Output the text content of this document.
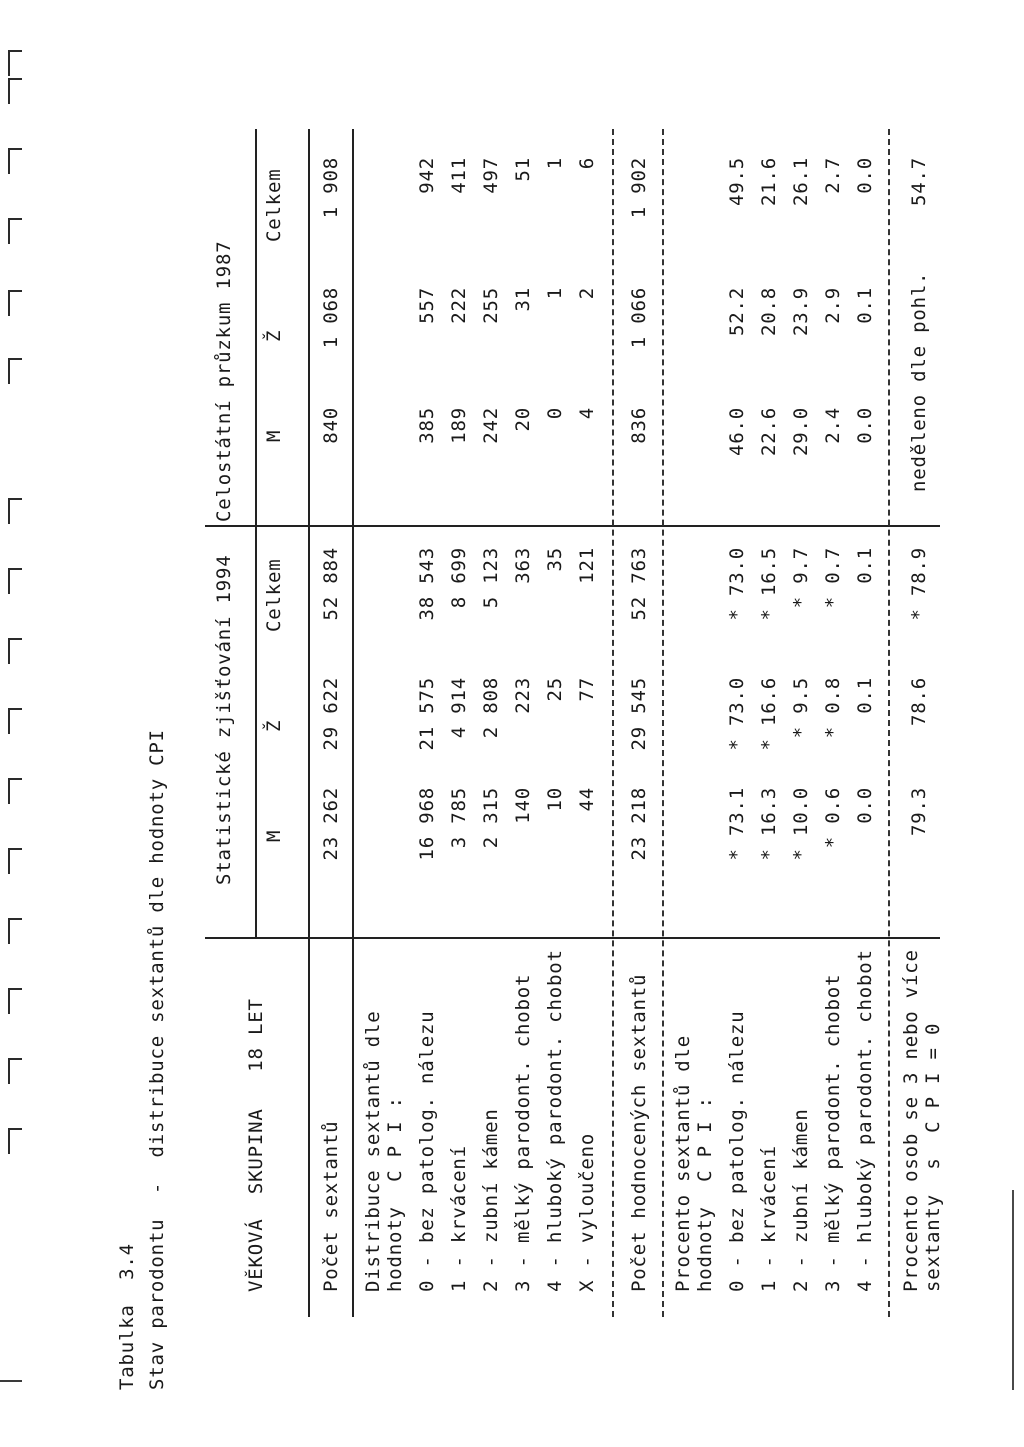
Tabulka  3.4 Stav parodontu  -  distribuce sextantů dle hodnoty CPI	VĚKOVÁ  SKUPINA   18 LET
Statistické zjišťování 1994
Celostátní průzkum 1987
M
Ž
Celkem
M
Ž
Celkem
Počet sextantů
23 262
29 622
52 884
840
1 068
1 908
Distribuce sextantů dle hodnoty  C P I : 0 - bez patolog. nálezu
16 968
21 575
38 543
385
557
942
1 - krvácení
3 785
4 914
8 699
189
222
411
2 - zubní kámen
2 315
2 808
5 123
242
255
497
3 - mělký parodont. chobot
140
223
363
20
31
51
4 - hluboký parodont. chobot
10
25
35
0
1
1
X - vyloučeno
44
77
121
4
2
6
Počet hodnocených sextantů
23 218
29 545
52 763
836
1 066
1 902
Procento sextantů dle hodnoty  C P I : 0 - bez patolog. nálezu
* 73.1
* 73.0
* 73.0
46.0
52.2
49.5
1 - krvácení
* 16.3
* 16.6
* 16.5
22.6
20.8
21.6
2 - zubní kámen
* 10.0
* 9.5
* 9.7
29.0
23.9
26.1
3 - mělký parodont. chobot
* 0.6
* 0.8
* 0.7
2.4
2.9
2.7
4 - hluboký parodont. chobot
0.0
0.1
0.1
0.0
0.1
0.0
Procento osob se 3 nebo více sextanty  s  C P I = 0
79.3
78.6
* 78.9
neděleno dle pohl.
54.7
